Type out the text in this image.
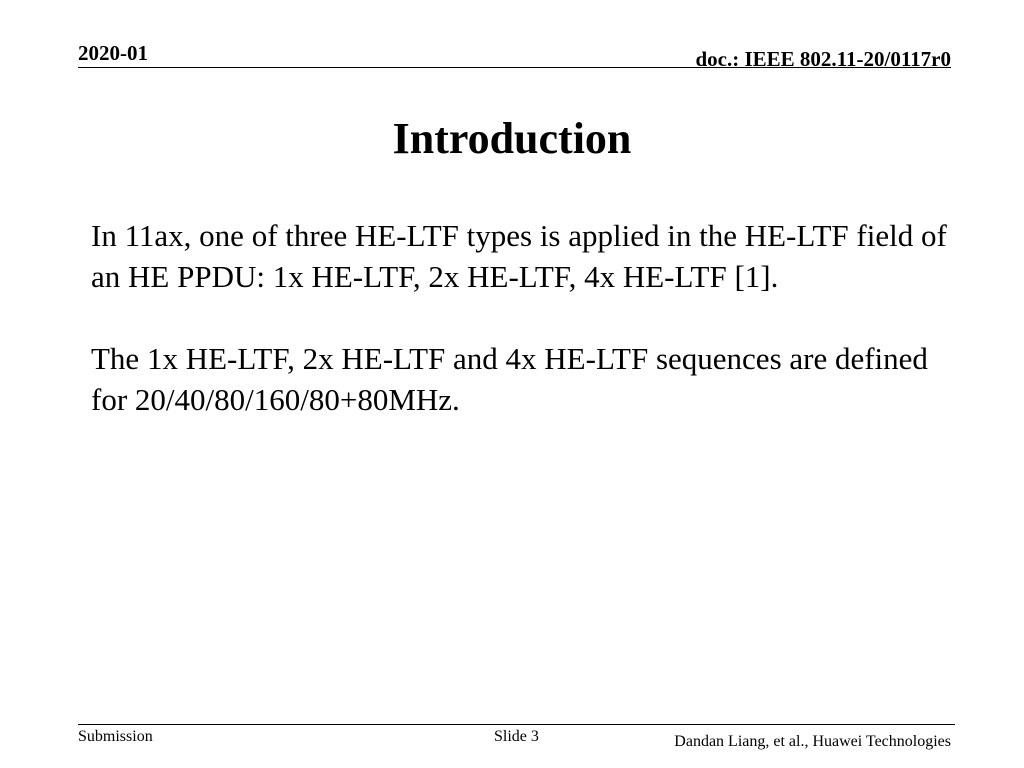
2020-01	doc.: IEEE 802.11-20/0117r0
Introduction

In 11ax, one of three HE-LTF types is applied in the HE-LTF field of an HE PPDU: 1x HE-LTF, 2x HE-LTF, 4x HE-LTF [1].

The 1x HE-LTF, 2x HE-LTF and 4x HE-LTF sequences are defined for 20/40/80/160/80+80MHz.

Submission	Slide 3	Dandan Liang, et al., Huawei Technologies
